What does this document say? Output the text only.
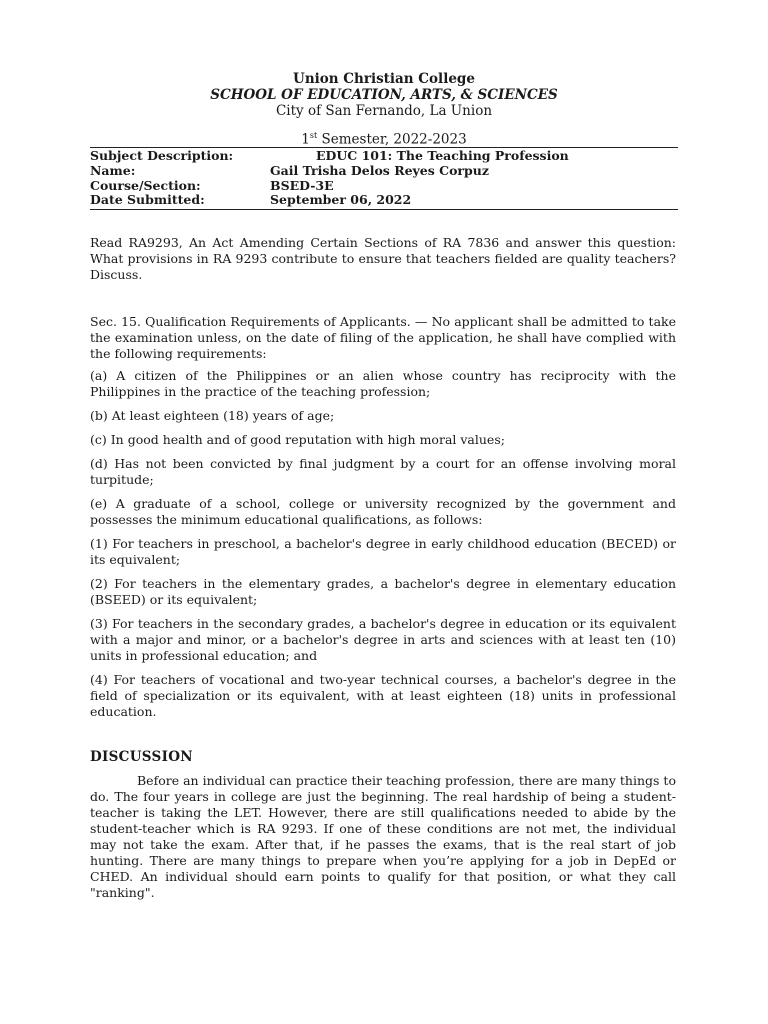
Union Christian College
SCHOOL OF EDUCATION, ARTS, & SCIENCES
City of San Fernando, La Union
1st Semester, 2022-2023
Subject Description:	EDUC 101: The Teaching Profession
Name:	Gail Trisha Delos Reyes Corpuz
Course/Section:	BSED-3E
Date Submitted:	September 06, 2022
Read RA9293, An Act Amending Certain Sections of RA 7836 and answer this question: What provisions in RA 9293 contribute to ensure that teachers fielded are quality teachers? Discuss.
Sec. 15. Qualification Requirements of Applicants. — No applicant shall be admitted to take the examination unless, on the date of filing of the application, he shall have complied with the following requirements:
(a) A citizen of the Philippines or an alien whose country has reciprocity with the Philippines in the practice of the teaching profession;
(b) At least eighteen (18) years of age;
(c) In good health and of good reputation with high moral values;
(d) Has not been convicted by final judgment by a court for an offense involving moral turpitude;
(e) A graduate of a school, college or university recognized by the government and possesses the minimum educational qualifications, as follows:
(1) For teachers in preschool, a bachelor's degree in early childhood education (BECED) or its equivalent;
(2) For teachers in the elementary grades, a bachelor's degree in elementary education (BSEED) or its equivalent;
(3) For teachers in the secondary grades, a bachelor's degree in education or its equivalent with a major and minor, or a bachelor's degree in arts and sciences with at least ten (10) units in professional education; and
(4) For teachers of vocational and two-year technical courses, a bachelor's degree in the field of specialization or its equivalent, with at least eighteen (18) units in professional education.
DISCUSSION
Before an individual can practice their teaching profession, there are many things to do. The four years in college are just the beginning. The real hardship of being a student-teacher is taking the LET. However, there are still qualifications needed to abide by the student-teacher which is RA 9293. If one of these conditions are not met, the individual may not take the exam. After that, if he passes the exams, that is the real start of job hunting. There are many things to prepare when you’re applying for a job in DepEd or CHED. An individual should earn points to qualify for that position, or what they call "ranking".
